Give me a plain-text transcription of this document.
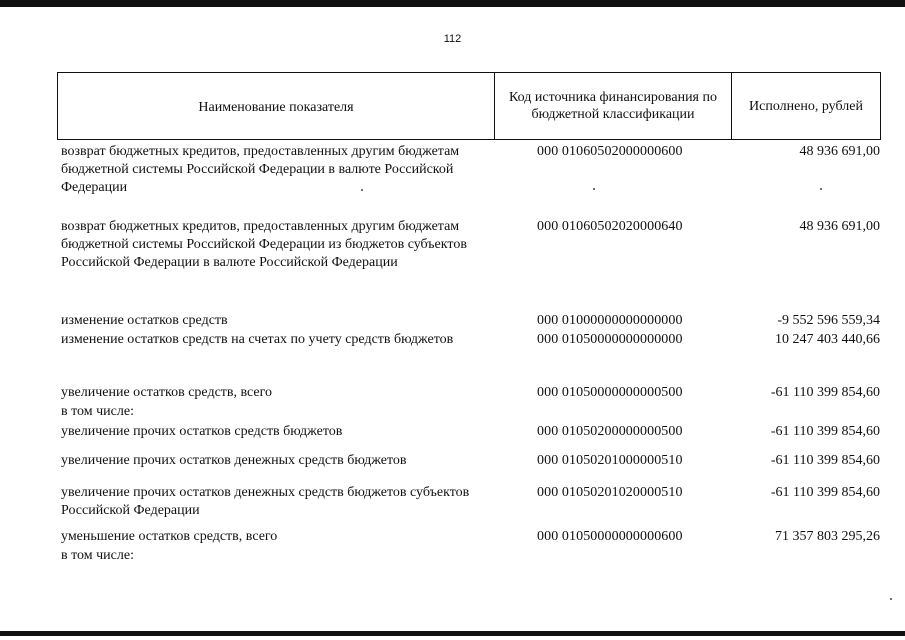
112
Наименование показателя
Код источника финансирования по бюджетной классификации
Исполнено, рублей
возврат бюджетных кредитов, предоставленных другим бюджетам бюджетной системы Российской Федерации в валюте Российской Федерации
000 01060502000000600	48 936 691,00
возврат бюджетных кредитов, предоставленных другим бюджетам бюджетной системы Российской Федерации из бюджетов субъектов Российской Федерации в валюте Российской Федерации
000 01060502020000640	48 936 691,00
изменение остатков средств	000 01000000000000000	-9 552 596 559,34
изменение остатков средств на счетах по учету средств бюджетов	000 01050000000000000	10 247 403 440,66
увеличение остатков средств, всего	000 01050000000000500	-61 110 399 854,60
в том числе:
увеличение прочих остатков средств бюджетов	000 01050200000000500	-61 110 399 854,60
увеличение прочих остатков денежных средств бюджетов	000 01050201000000510	-61 110 399 854,60
увеличение прочих остатков денежных средств бюджетов субъектов Российской Федерации
000 01050201020000510	-61 110 399 854,60
уменьшение остатков средств, всего	000 01050000000000600	71 357 803 295,26
в том числе:
